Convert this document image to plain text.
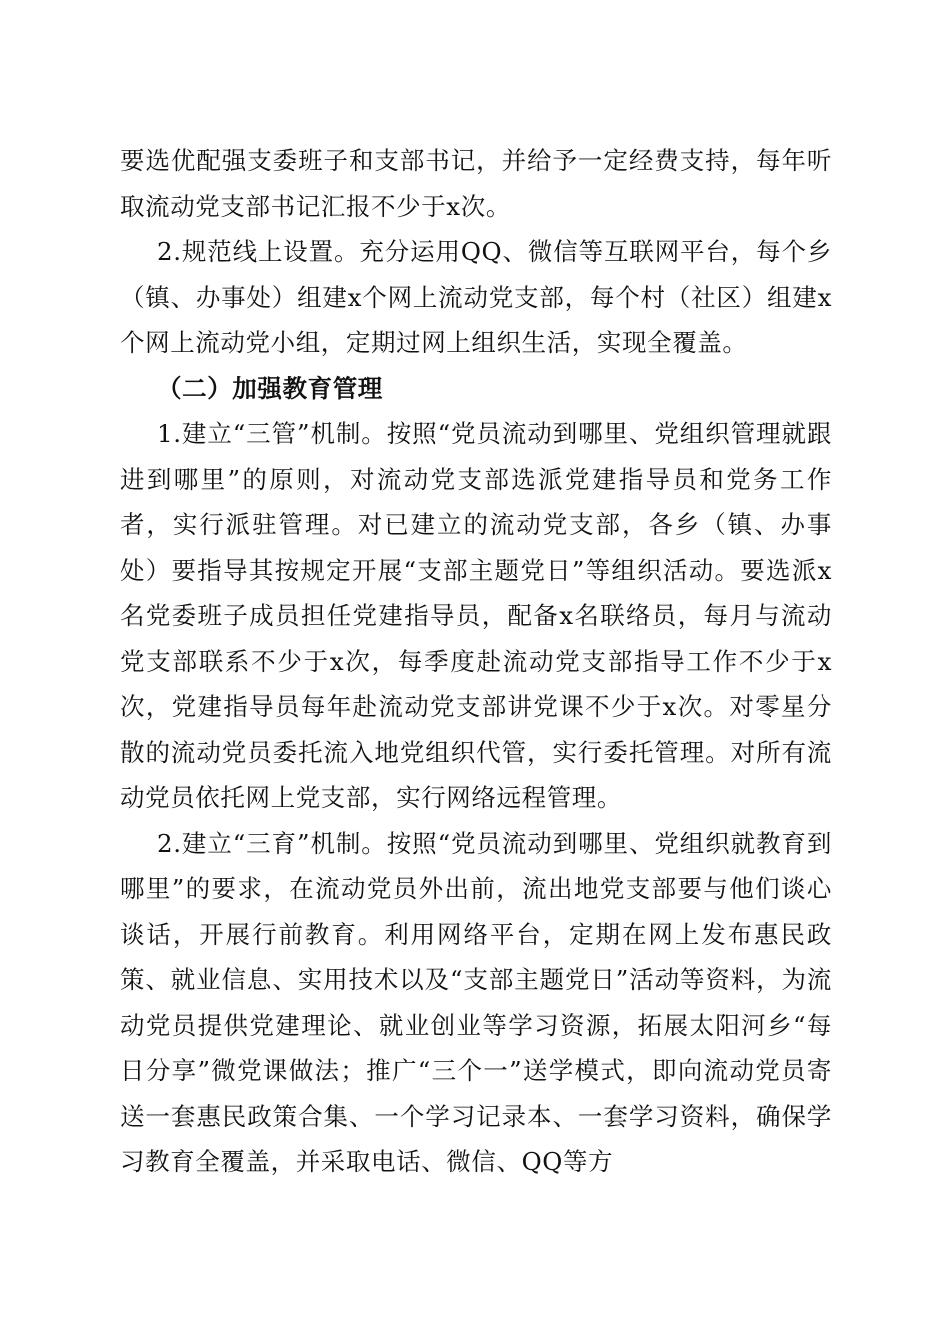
要选优配强支委班子和支部书记，并给予一定经费支持，每年听取流动党支部书记汇报不少于x次。

2.规范线上设置。充分运用QQ、微信等互联网平台，每个乡（镇、办事处）组建x个网上流动党支部，每个村（社区）组建x个网上流动党小组，定期过网上组织生活，实现全覆盖。

（二）加强教育管理

1.建立“三管”机制。按照“党员流动到哪里、党组织管理就跟进到哪里”的原则，对流动党支部选派党建指导员和党务工作者，实行派驻管理。对已建立的流动党支部，各乡（镇、办事处）要指导其按规定开展“支部主题党日”等组织活动。要选派x名党委班子成员担任党建指导员，配备x名联络员，每月与流动党支部联系不少于x次，每季度赴流动党支部指导工作不少于x次，党建指导员每年赴流动党支部讲党课不少于x次。对零星分散的流动党员委托流入地党组织代管，实行委托管理。对所有流动党员依托网上党支部，实行网络远程管理。

2.建立“三育”机制。按照“党员流动到哪里、党组织就教育到哪里”的要求，在流动党员外出前，流出地党支部要与他们谈心谈话，开展行前教育。利用网络平台，定期在网上发布惠民政策、就业信息、实用技术以及“支部主题党日”活动等资料，为流动党员提供党建理论、就业创业等学习资源，拓展太阳河乡“每日分享”微党课做法；推广“三个一”送学模式，即向流动党员寄送一套惠民政策合集、一个学习记录本、一套学习资料，确保学习教育全覆盖，并采取电话、微信、QQ等方
